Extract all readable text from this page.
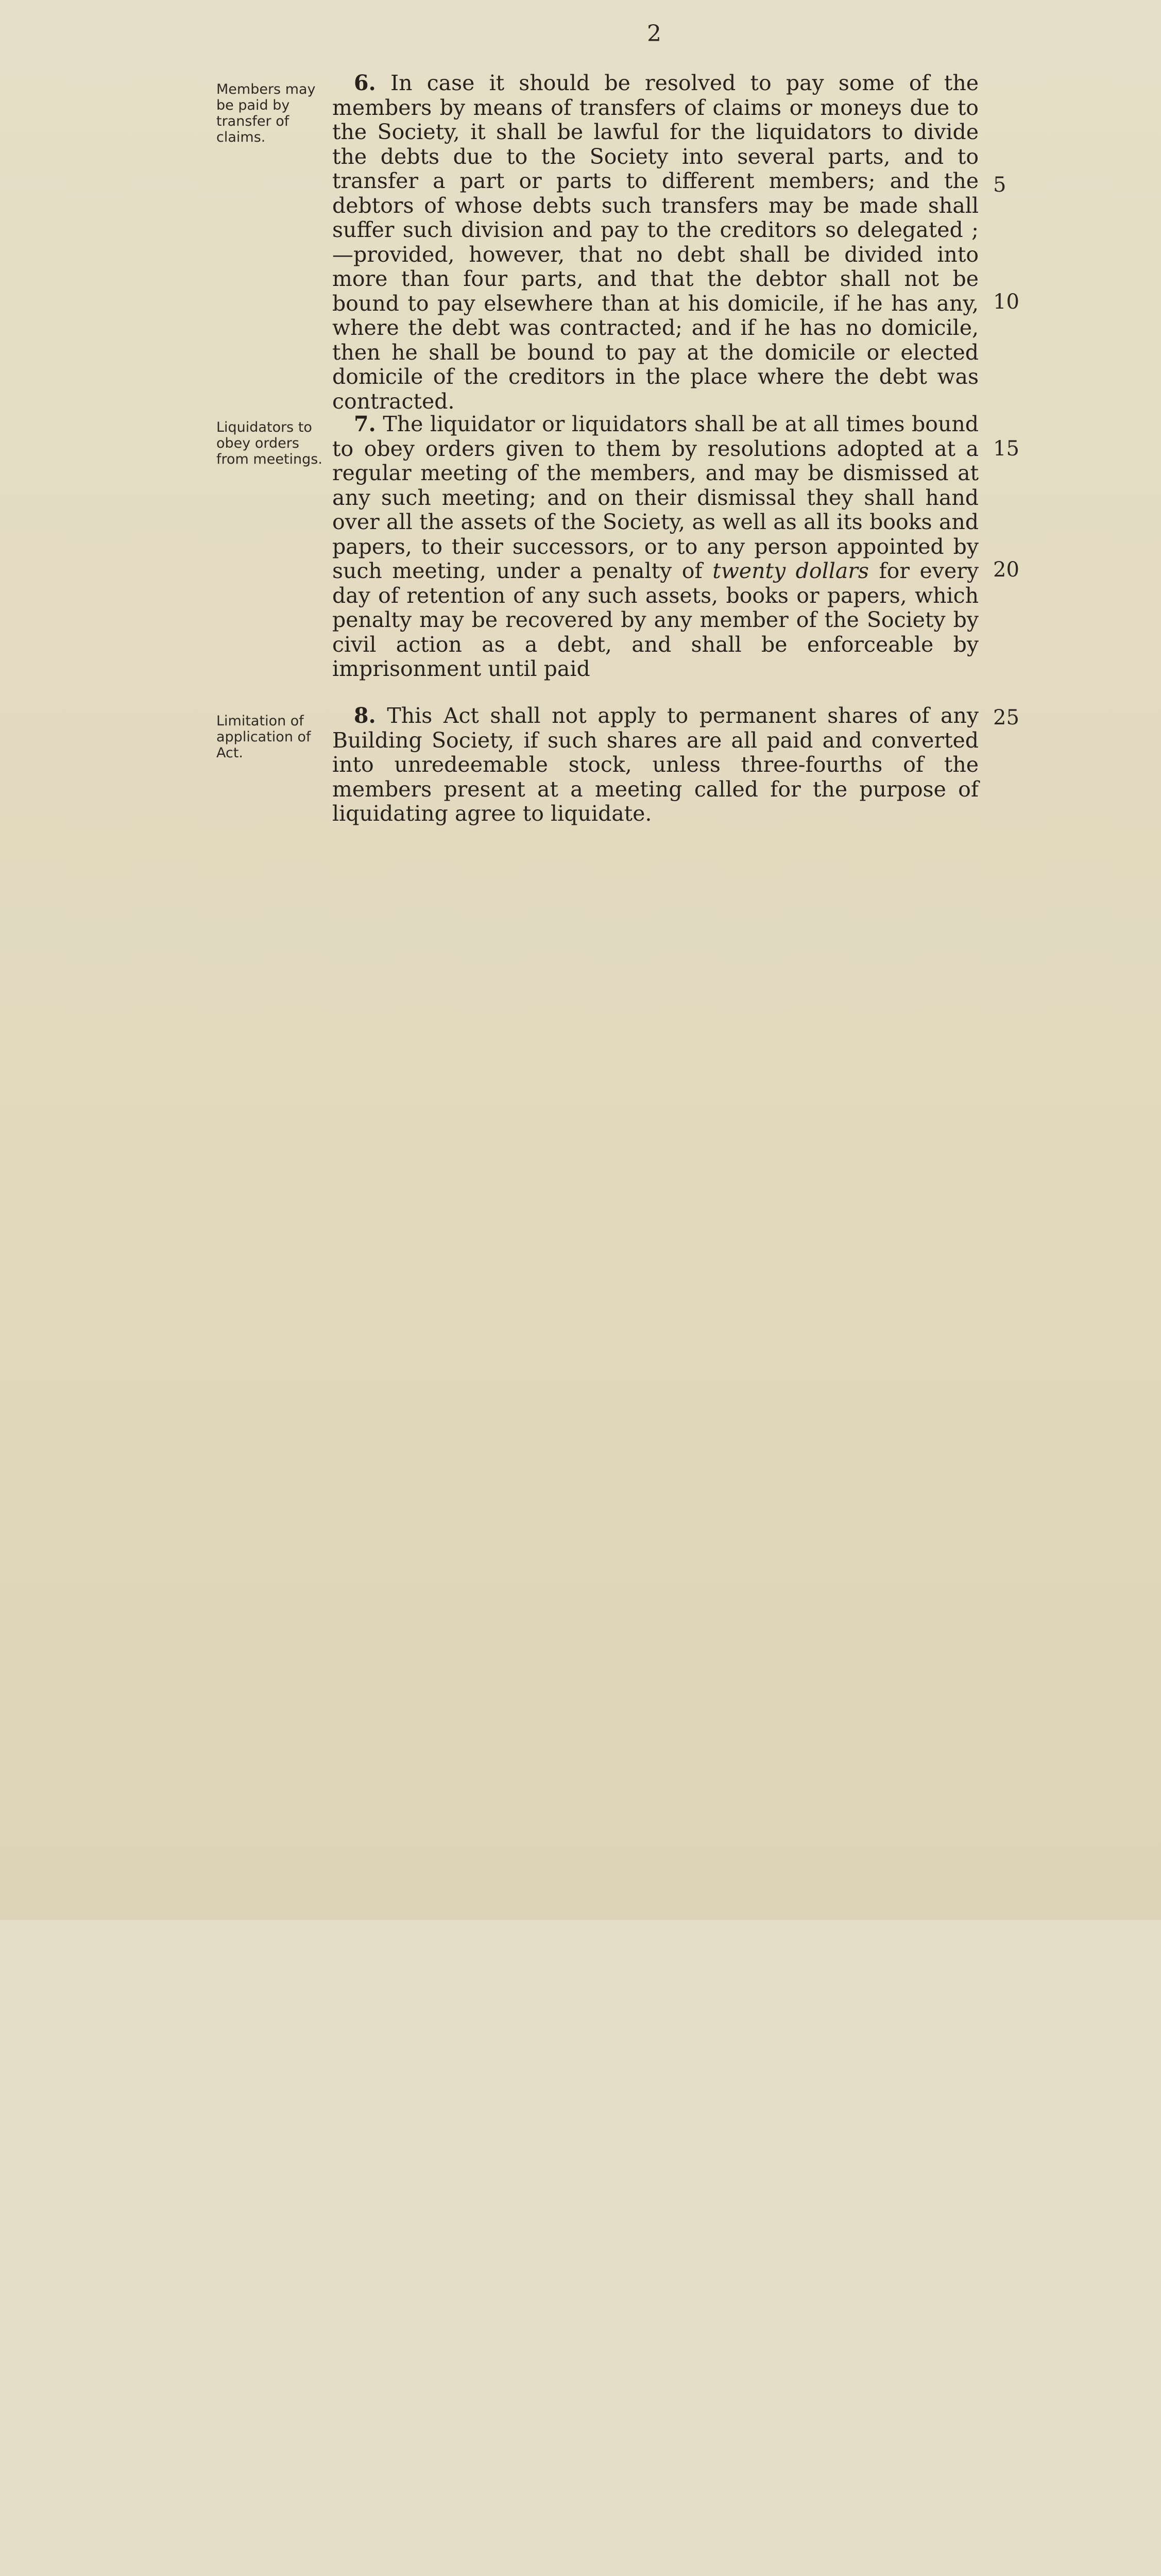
2
Members may be paid by transfer of claims.
6. In case it should be resolved to pay some of the members by means of transfers of claims or moneys due to the Society, it shall be lawful for the liquidators to divide the debts due to the Society into several parts, and to transfer a part or parts to different members; and the debtors of whose debts such transfers may be made shall suffer such division and pay to the creditors so delegated ;—provided, however, that no debt shall be divided into more than four parts, and that the debtor shall not be bound to pay elsewhere than at his domicile, if he has any, where the debt was contracted; and if he has no domicile, then he shall be bound to pay at the domicile or elected domicile of the creditors in the place where the debt was contracted.
Liquidators to obey orders from meetings.
7. The liquidator or liquidators shall be at all times bound to obey orders given to them by resolutions adopted at a regular meeting of the members, and may be dismissed at any such meeting; and on their dismissal they shall hand over all the assets of the Society, as well as all its books and papers, to their successors, or to any person appointed by such meeting, under a penalty of twenty dollars for every day of retention of any such assets, books or papers, which penalty may be recovered by any member of the Society by civil action as a debt, and shall be enforceable by imprisonment until paid
Limitation of application of Act.
8. This Act shall not apply to permanent shares of any Building Society, if such shares are all paid and converted into unredeemable stock, unless three-fourths of the members present at a meeting called for the purpose of liquidating agree to liquidate.
5
10
15
20
25
